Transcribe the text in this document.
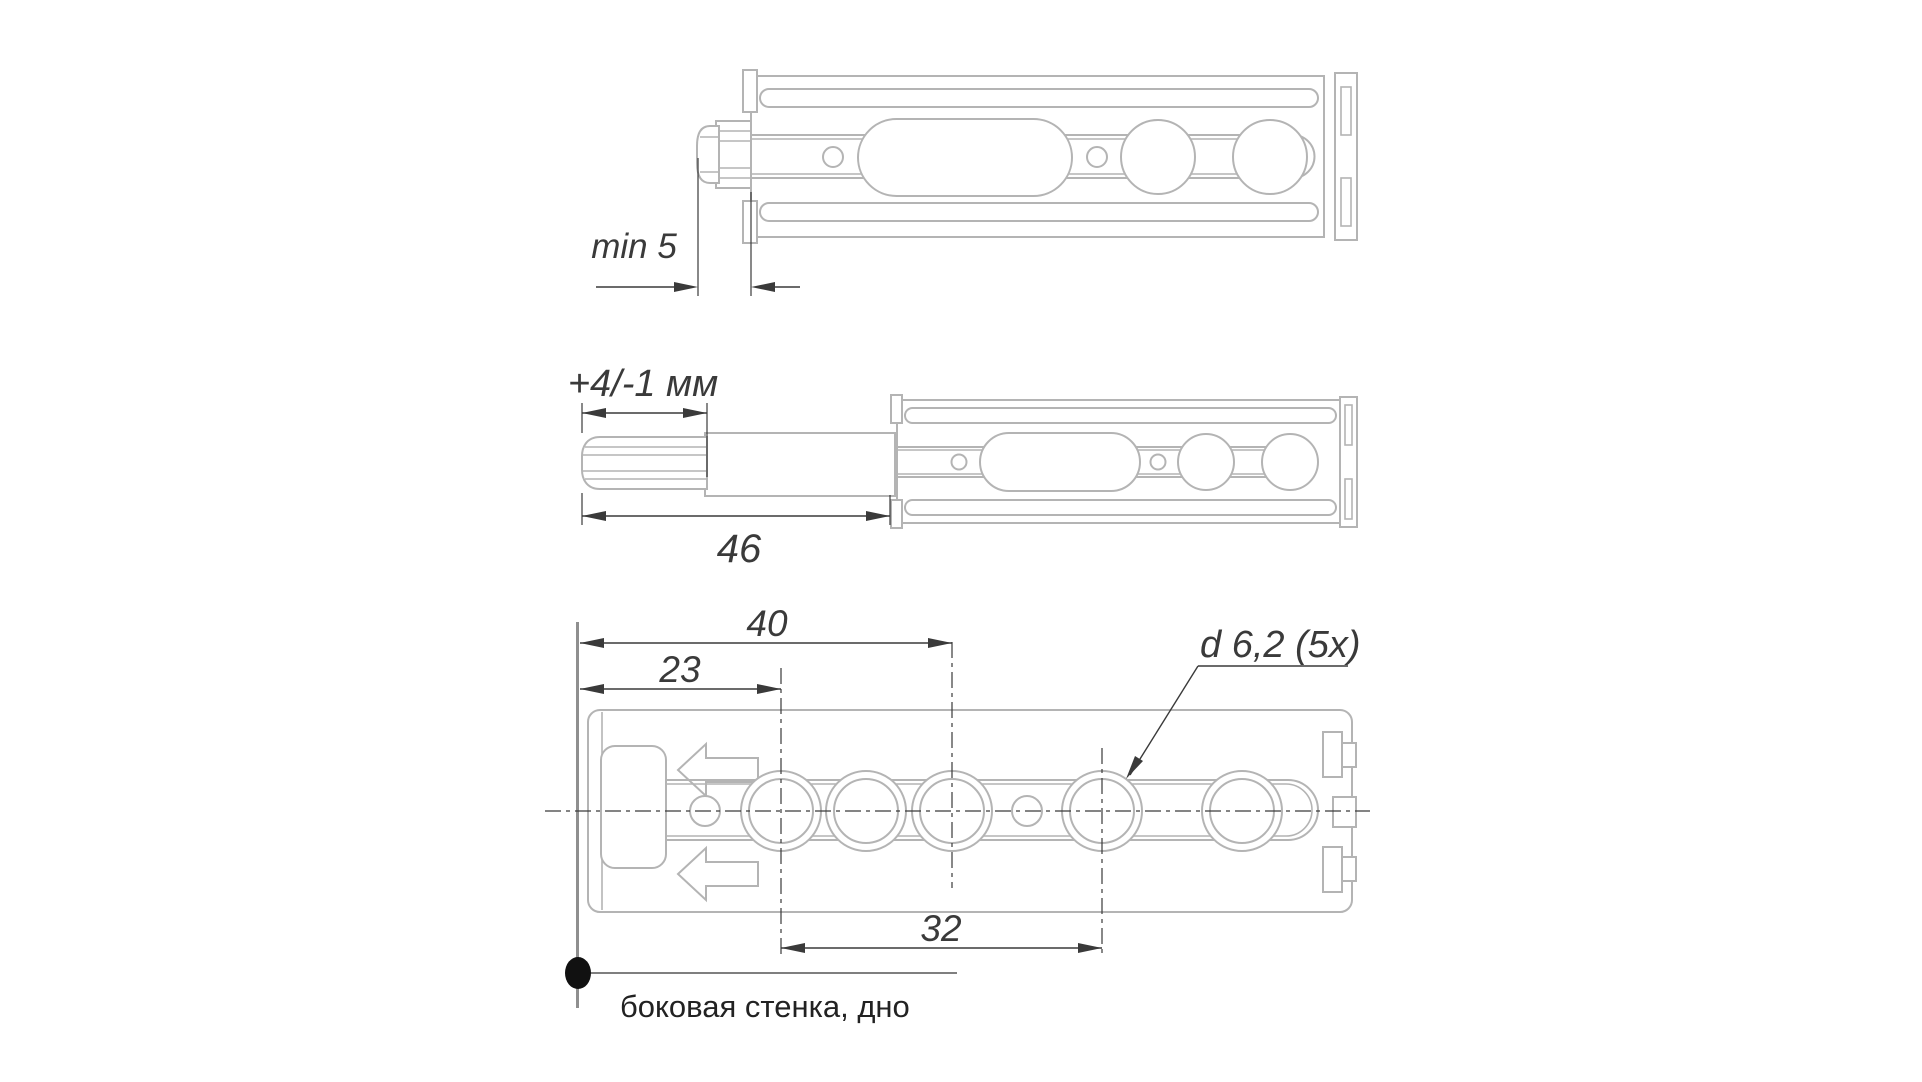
min 5
+4/-1 мм
46
40
23
32
d 6,2 (5x)
боковая стенка, дно
